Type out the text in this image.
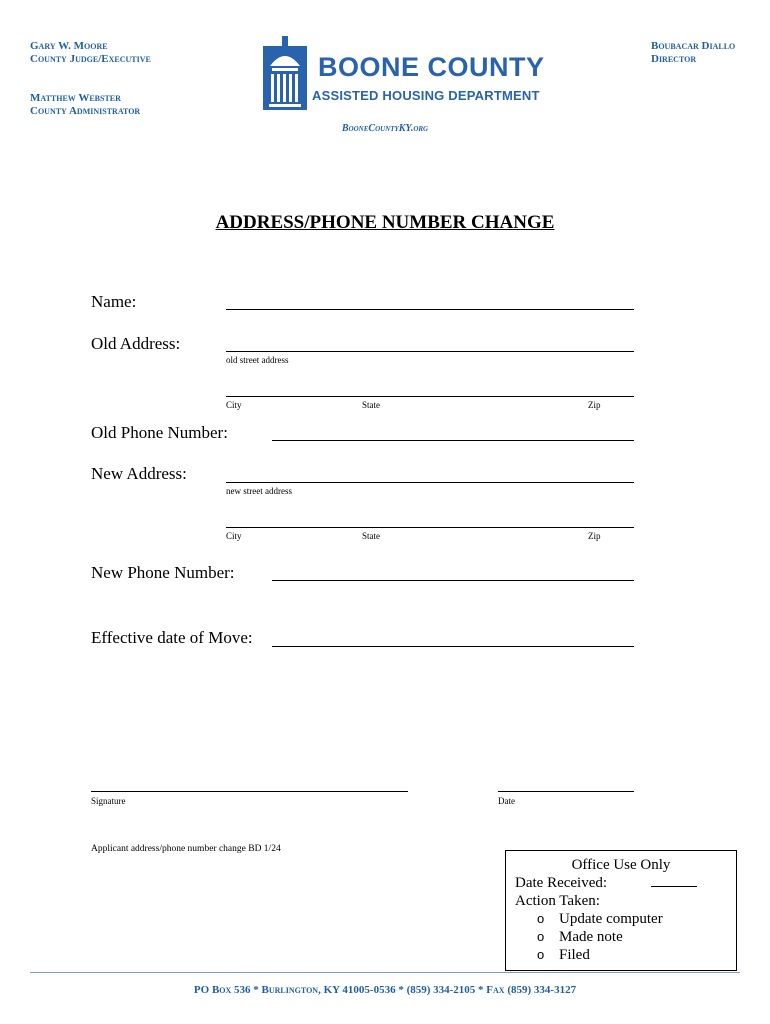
Gary W. Moore
County Judge/Executive
Matthew Webster
County Administrator
Boubacar Diallo
Director
BOONE COUNTY
ASSISTED HOUSING DEPARTMENT
BooneCountyKY.org
ADDRESS/PHONE NUMBER CHANGE
Name:
Old Address:
old street address
City	State	Zip
Old Phone Number:
New Address:
new street address
City	State	Zip
New Phone Number:
Effective date of Move:
Signature	Date
Applicant address/phone number change BD 1/24
Office Use Only
Date Received:
Action Taken:
o Update computer
o Made note
o Filed
PO Box 536 * Burlington, KY 41005-0536 * (859) 334-2105 * Fax (859) 334-3127
